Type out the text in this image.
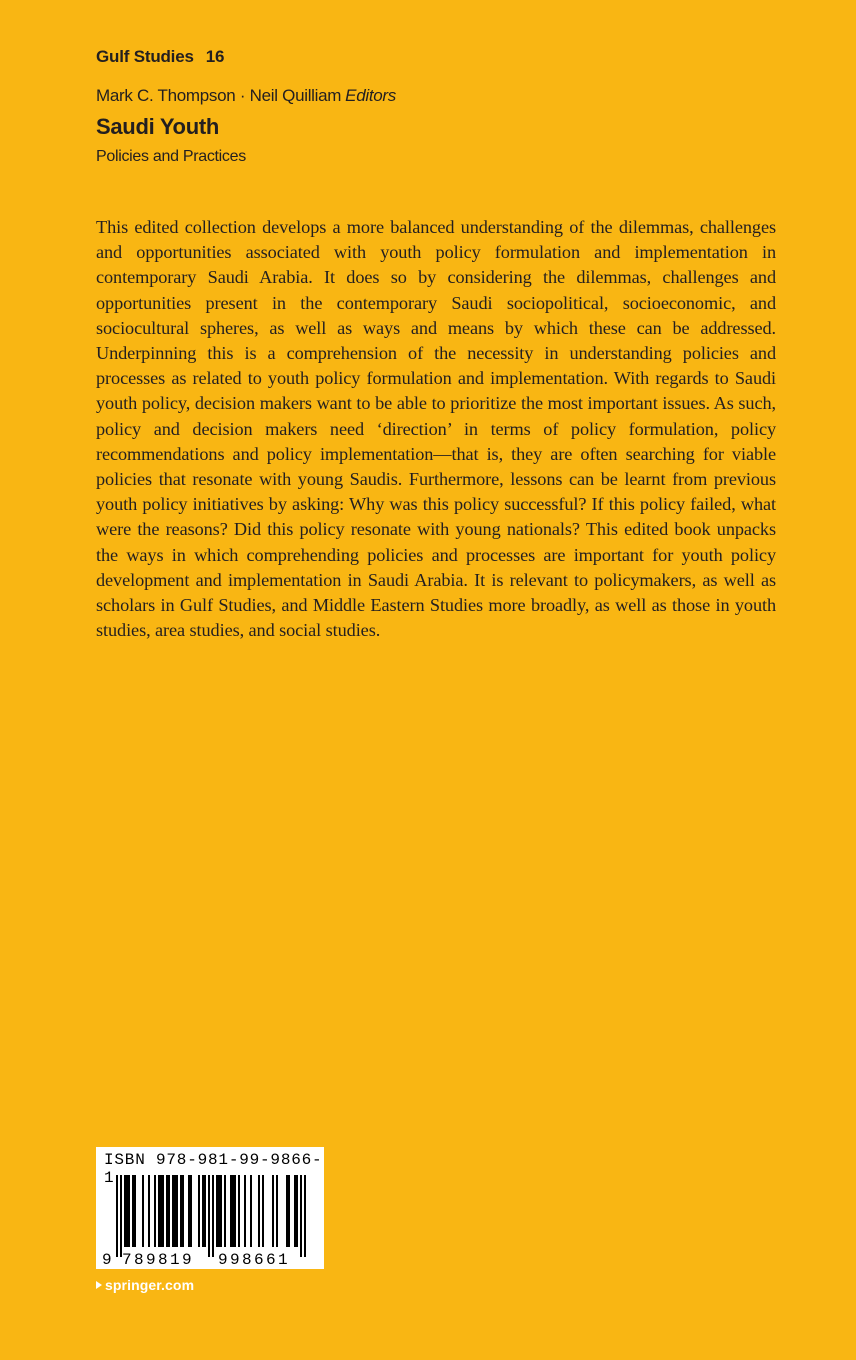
Gulf Studies 16
Mark C. Thompson · Neil Quilliam Editors
Saudi Youth
Policies and Practices
This edited collection develops a more balanced understanding of the dilemmas, challenges and opportunities associated with youth policy formulation and implementation in contemporary Saudi Arabia. It does so by considering the dilemmas, challenges and opportunities present in the contemporary Saudi sociopolitical, socioeconomic, and sociocultural spheres, as well as ways and means by which these can be addressed. Underpinning this is a comprehension of the necessity in understanding policies and processes as related to youth policy formulation and implementation. With regards to Saudi youth policy, decision makers want to be able to prioritize the most important issues. As such, policy and decision makers need ‘direction’ in terms of policy formulation, policy recommendations and policy implementation—that is, they are often searching for viable policies that resonate with young Saudis. Furthermore, lessons can be learnt from previous youth policy initiatives by asking: Why was this policy successful? If this policy failed, what were the reasons? Did this policy resonate with young nationals? This edited book unpacks the ways in which comprehending policies and processes are important for youth policy development and implementation in Saudi Arabia. It is relevant to policymakers, as well as scholars in Gulf Studies, and Middle Eastern Studies more broadly, as well as those in youth studies, area studies, and social studies.
ISBN 978-981-99-9866-1
9 789819 998661
springer.com
